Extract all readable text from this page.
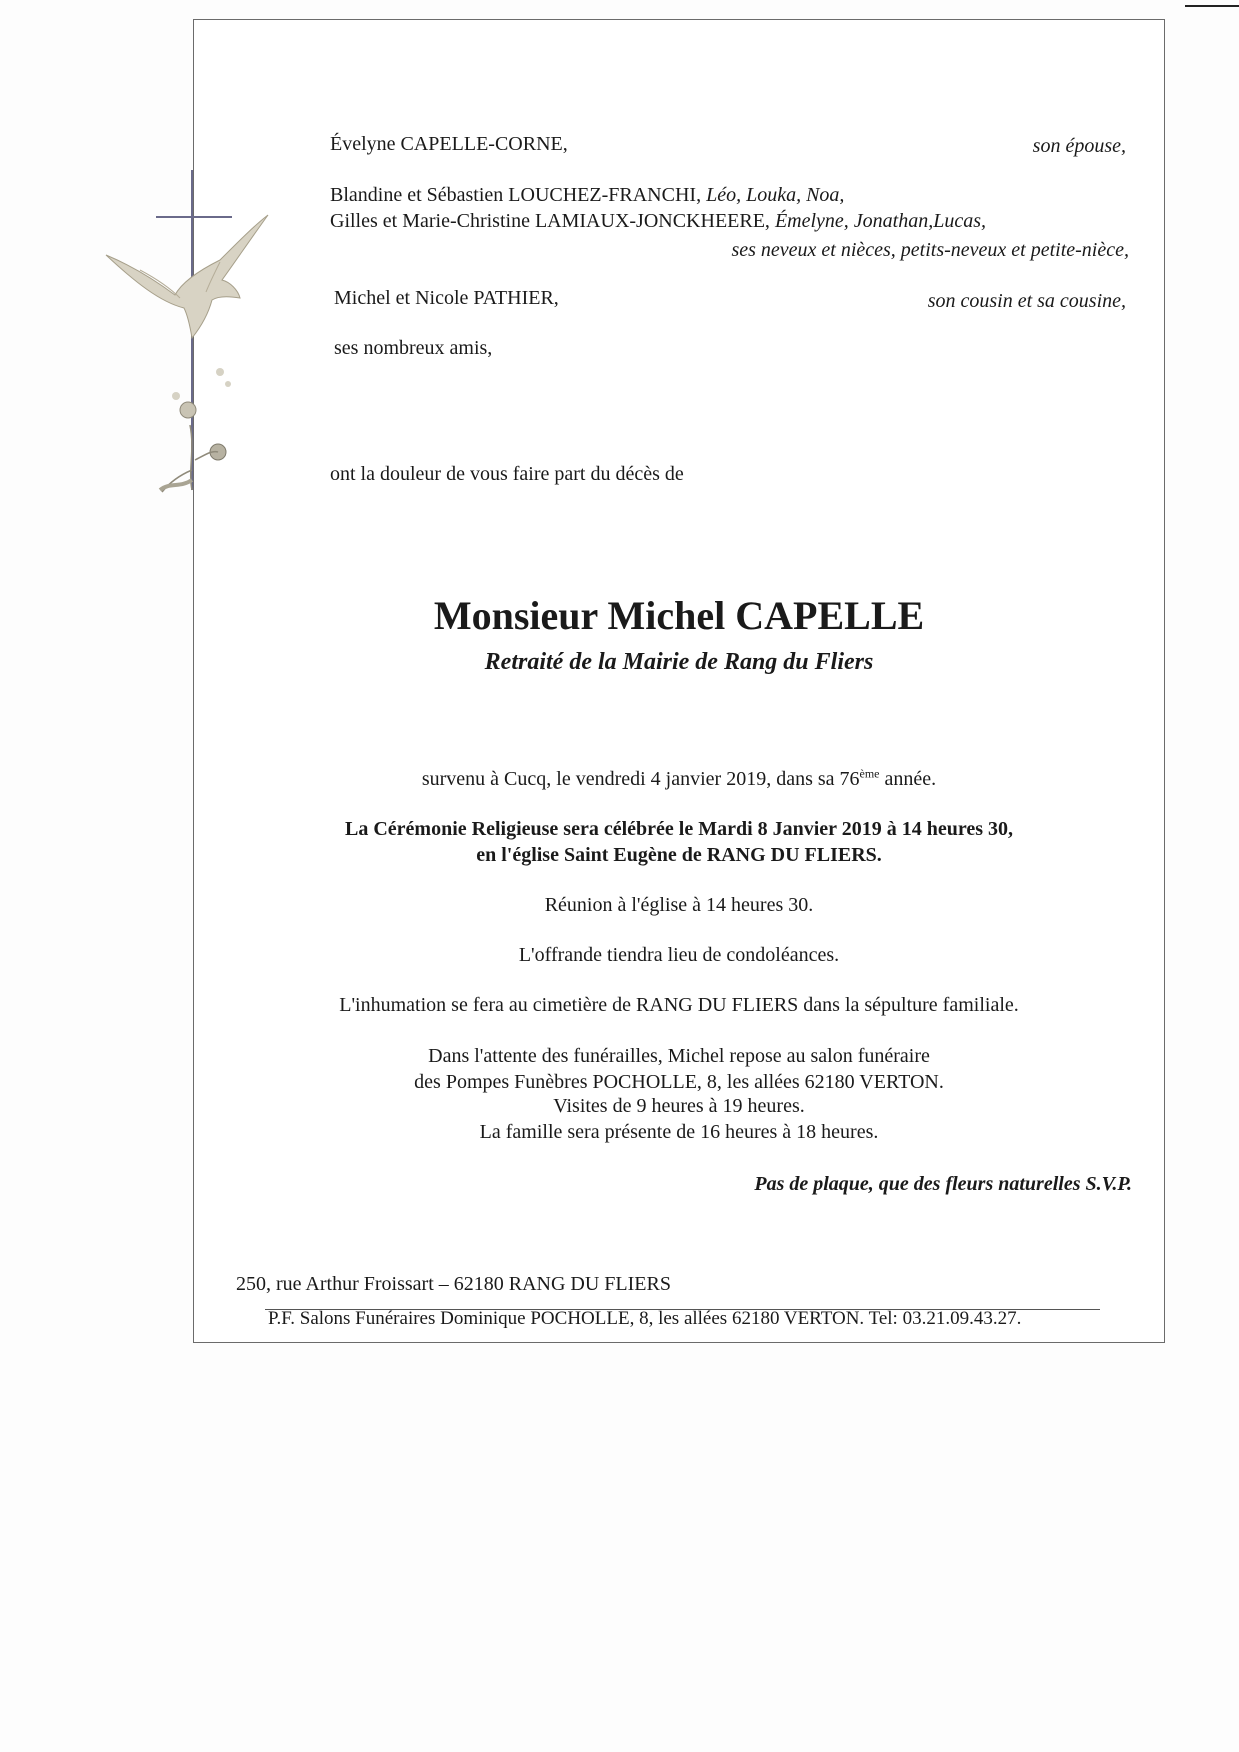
Évelyne CAPELLE-CORNE,	son épouse,
Blandine et Sébastien LOUCHEZ-FRANCHI, Léo, Louka, Noa,
Gilles et Marie-Christine LAMIAUX-JONCKHEERE, Émelyne, Jonathan,Lucas,
ses neveux et nièces, petits-neveux et petite-nièce,
Michel et Nicole PATHIER,	son cousin et sa cousine,
ses nombreux amis,
ont la douleur de vous faire part du décès de
Monsieur Michel CAPELLE
Retraité de la Mairie de Rang du Fliers
survenu à Cucq, le vendredi 4 janvier 2019, dans sa 76ème année.
La Cérémonie Religieuse sera célébrée le Mardi 8 Janvier 2019 à 14 heures 30,
en l'église Saint Eugène de RANG DU FLIERS.
Réunion à l'église à 14 heures 30.
L'offrande tiendra lieu de condoléances.
L'inhumation se fera au cimetière de RANG DU FLIERS dans la sépulture familiale.
Dans l'attente des funérailles, Michel repose au salon funéraire
des Pompes Funèbres POCHOLLE, 8, les allées 62180 VERTON.
Visites de 9 heures à 19 heures.
La famille sera présente de 16 heures à 18 heures.
Pas de plaque, que des fleurs naturelles S.V.P.
250, rue Arthur Froissart – 62180 RANG DU FLIERS
P.F. Salons Funéraires Dominique POCHOLLE, 8, les allées 62180 VERTON. Tel: 03.21.09.43.27.
